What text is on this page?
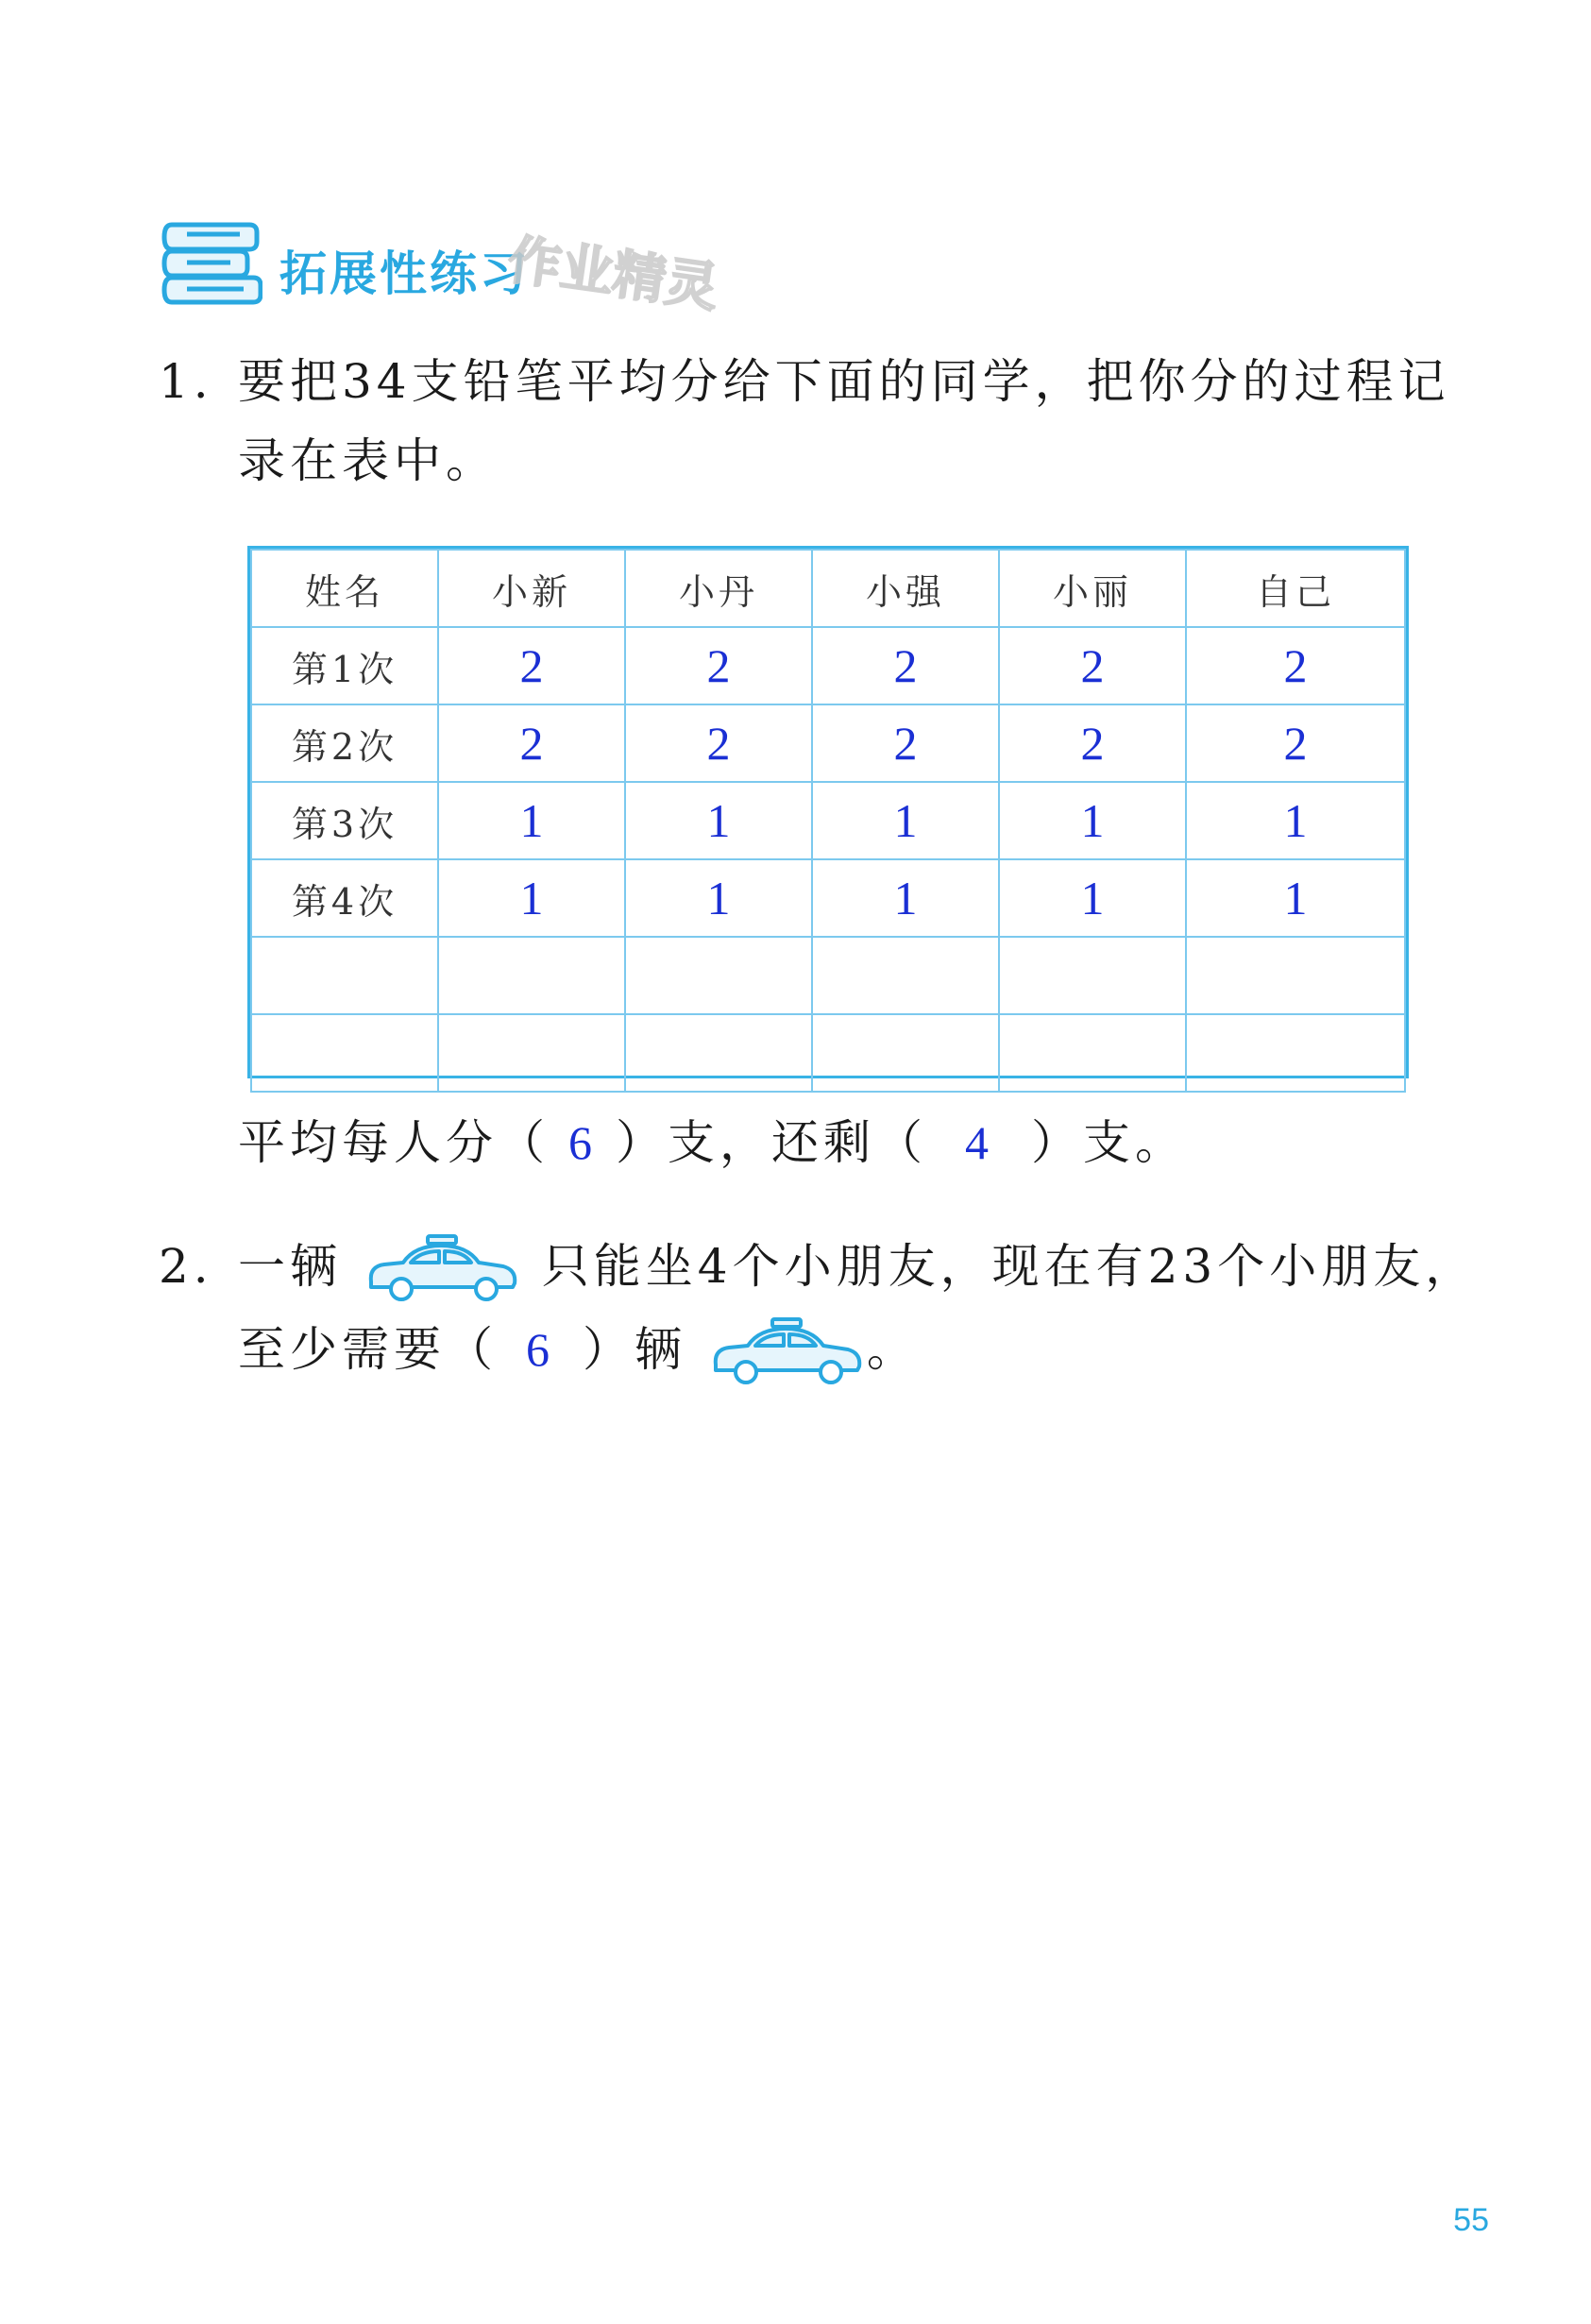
拓展性练习
作业精灵
1. 要把34支铅笔平均分给下面的同学，把你分的过程记
录在表中。
姓名	小新	小丹	小强	小丽	自己
第1次	2	2	2	2	2
第2次	2	2	2	2	2
第3次	1	1	1	1	1
第4次	1	1	1	1	1

平均每人分（ 6 ）支，还剩（ 4 ）支。
2. 一辆	只能坐4个小朋友，现在有23个小朋友，
至少需要（ 6 ）辆	。
55
